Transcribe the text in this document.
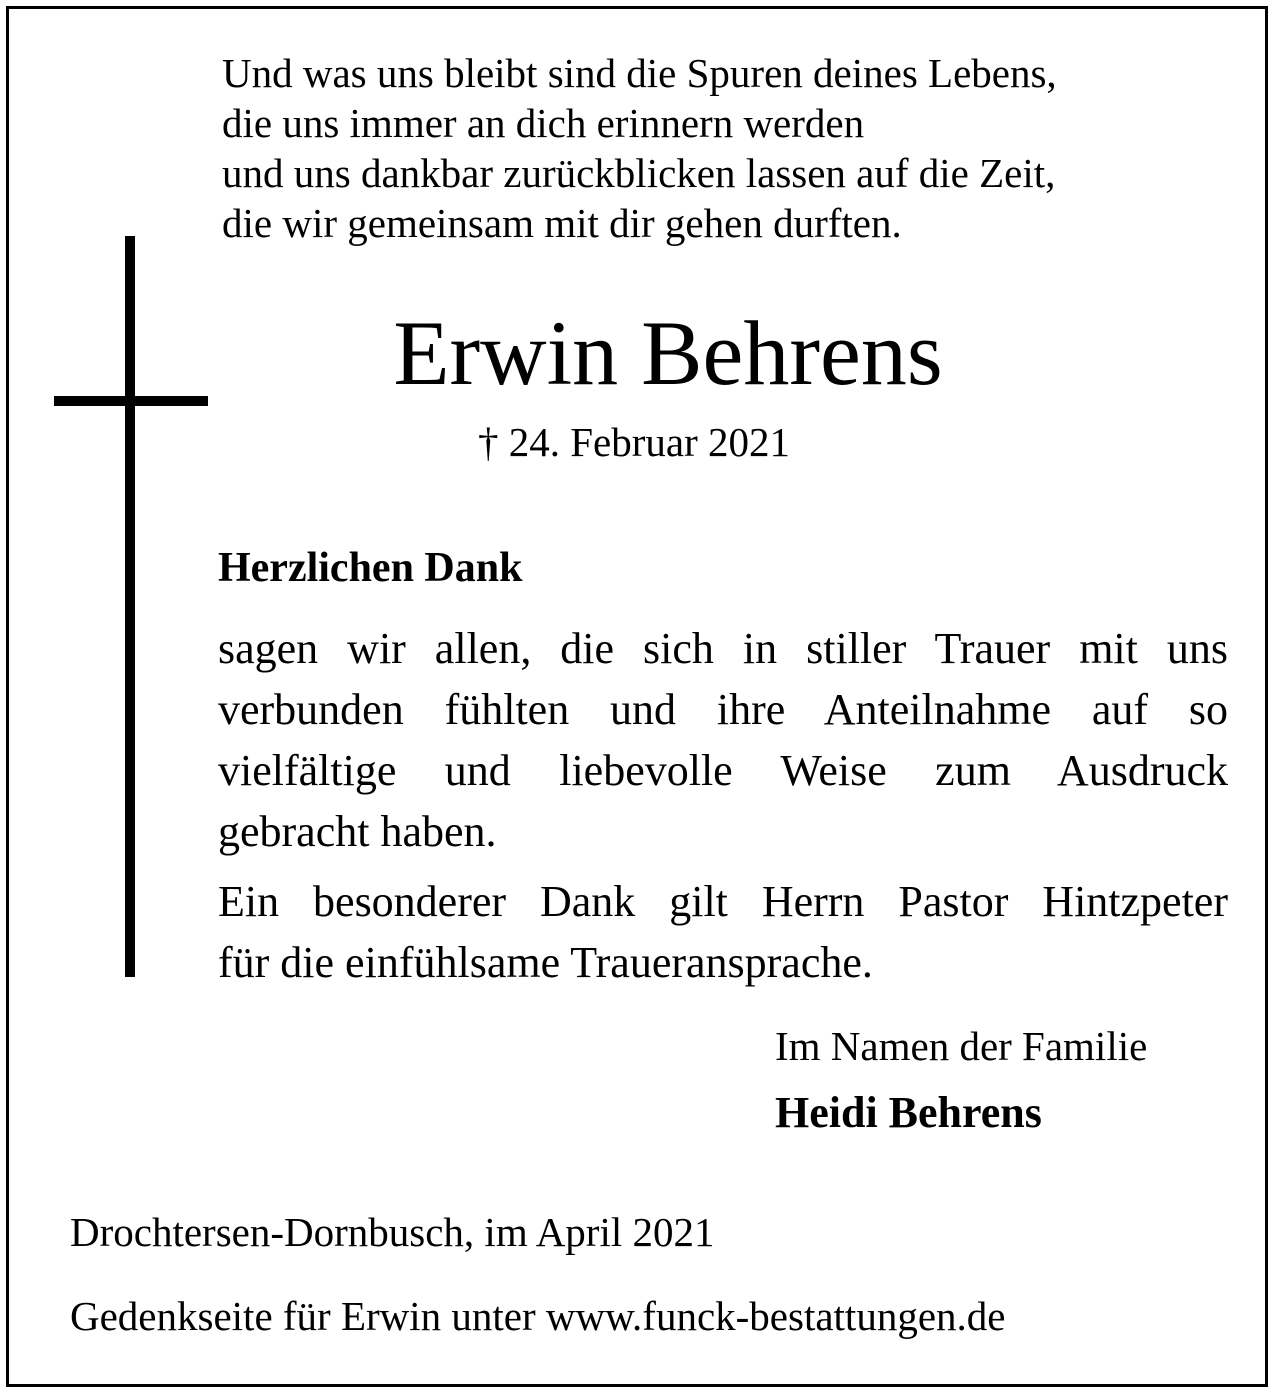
Und was uns bleibt sind die Spuren deines Lebens,
die uns immer an dich erinnern werden
und uns dankbar zurückblicken lassen auf die Zeit,
die wir gemeinsam mit dir gehen durften.
Erwin Behrens
† 24. Februar 2021
Herzlichen Dank
sagen wir allen, die sich in stiller Trauer mit uns
verbunden fühlten und ihre Anteilnahme auf so
vielfältige und liebevolle Weise zum Ausdruck
gebracht haben.
Ein besonderer Dank gilt Herrn Pastor Hintzpeter
für die einfühlsame Traueransprache.
Im Namen der Familie
Heidi Behrens
Drochtersen-Dornbusch, im April 2021
Gedenkseite für Erwin unter www.funck-bestattungen.de
